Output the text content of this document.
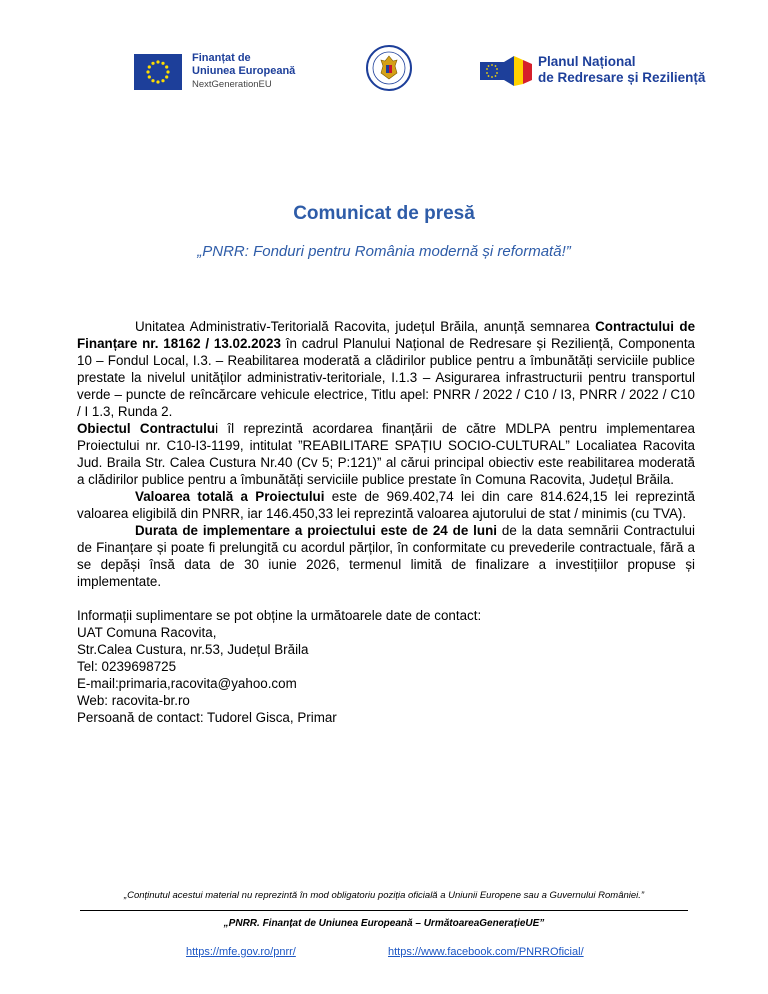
Finanțat de
Uniunea Europeană
NextGenerationEU
Planul Național
de Redresare și Reziliență
Comunicat de presă
„PNRR: Fonduri pentru România modernă și reformată!”

Unitatea Administrativ-Teritorială Racovita, județul Brăila, anunță semnarea Contractului de Finanțare nr. 18162 / 13.02.2023 în cadrul Planului Național de Redresare și Reziliență, Componenta 10 – Fondul Local, I.3. – Reabilitarea moderată a clădirilor publice pentru a îmbunătăți serviciile publice prestate la nivelul unităților administrativ-teritoriale, I.1.3 – Asigurarea infrastructurii pentru transportul verde – puncte de reîncărcare vehicule electrice, Titlu apel: PNRR / 2022 / C10 / I3, PNRR / 2022 / C10 / I 1.3, Runda 2.

Obiectul Contractului îl reprezintă acordarea finanțării de către MDLPA pentru implementarea Proiectului nr. C10-I3-1199, intitulat ”REABILITARE SPAȚIU SOCIO-CULTURAL” Localiatea Racovita Jud. Braila Str. Calea Custura Nr.40 (Cv 5; P:121)” al cărui principal obiectiv este reabilitarea moderată a clădirilor publice pentru a îmbunătăți serviciile publice prestate în Comuna Racovita, Județul Brăila.

Valoarea totală a Proiectului este de 969.402,74 lei din care 814.624,15 lei reprezintă valoarea eligibilă din PNRR, iar 146.450,33 lei reprezintă valoarea ajutorului de stat / minimis (cu TVA).

Durata de implementare a proiectului este de 24 de luni de la data semnării Contractului de Finanțare și poate fi prelungită cu acordul părților, în conformitate cu prevederile contractuale, fără a se depăși însă data de 30 iunie 2026, termenul limită de finalizare a investițiilor propuse și implementate.

Informații suplimentare se pot obține la următoarele date de contact:

UAT Comuna Racovita,

Str.Calea Custura, nr.53, Județul Brăila

Tel: 0239698725

E-mail:primaria,racovita@yahoo.com

Web: racovita-br.ro

Persoană de contact: Tudorel Gisca, Primar

„Conținutul acestui material nu reprezintă în mod obligatoriu poziția oficială a Uniunii Europene sau a Guvernului României.”
„PNRR. Finanțat de Uniunea Europeană – UrmătoareaGenerațieUE”
https://mfe.gov.ro/pnrr/	https://www.facebook.com/PNRROficial/
